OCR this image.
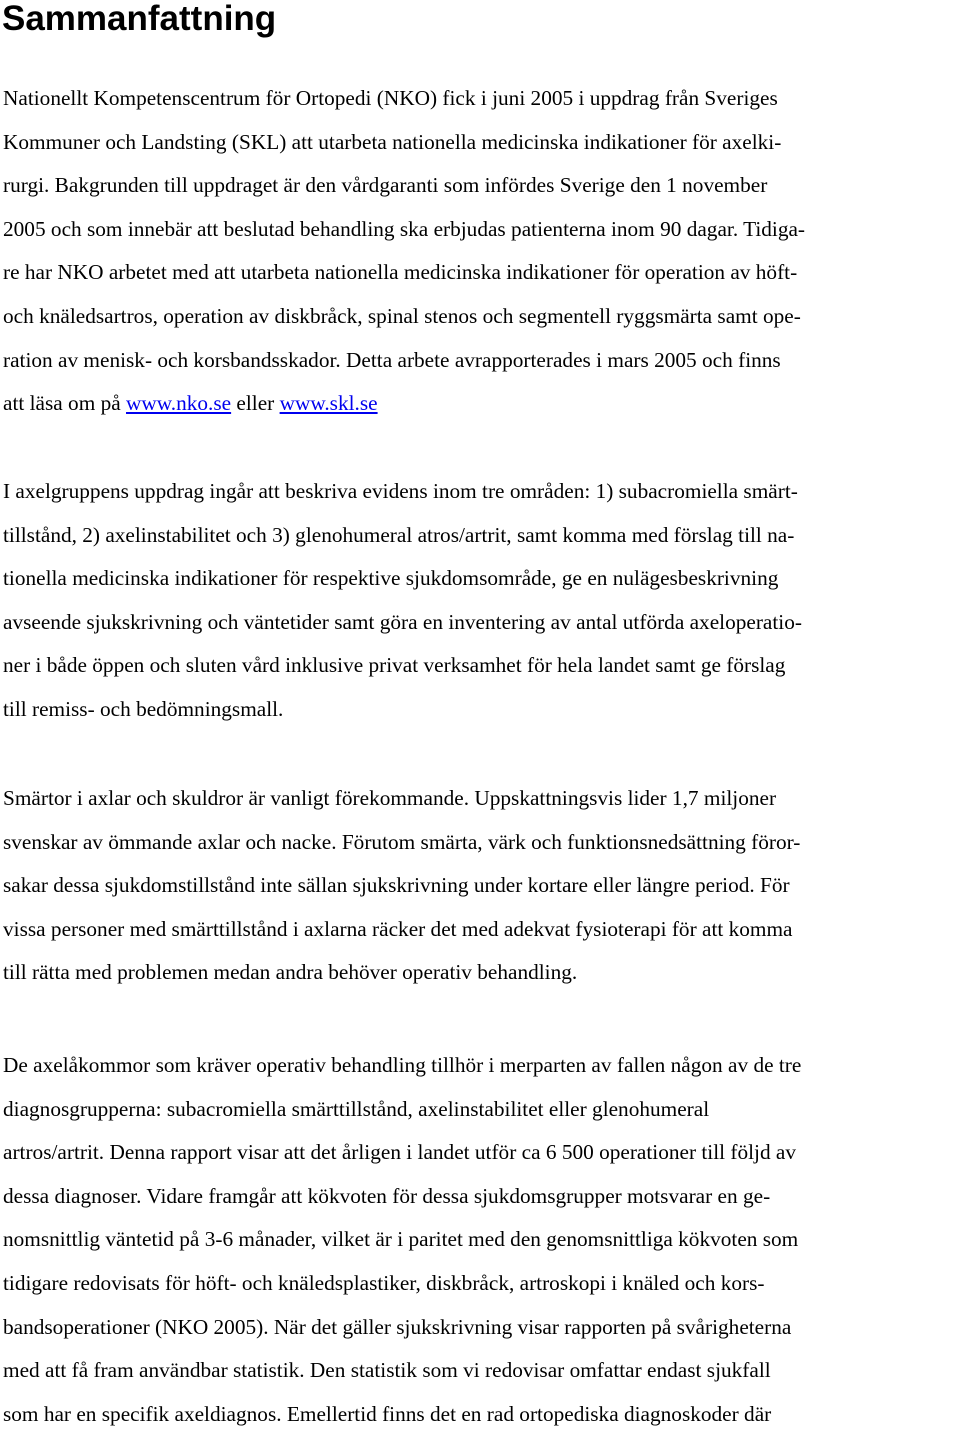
Sammanfattning
Nationellt Kompetenscentrum för Ortopedi (NKO) fick i juni 2005 i uppdrag från Sveriges
Kommuner och Landsting (SKL) att utarbeta nationella medicinska indikationer för axelki-
rurgi. Bakgrunden till uppdraget är den vårdgaranti som infördes Sverige den 1 november
2005 och som innebär att beslutad behandling ska erbjudas patienterna inom 90 dagar. Tidiga-
re har NKO arbetet med att utarbeta nationella medicinska indikationer för operation av höft-
och knäledsartros, operation av diskbråck, spinal stenos och segmentell ryggsmärta samt ope-
ration av menisk- och korsbandsskador. Detta arbete avrapporterades i mars 2005 och finns
att läsa om på www.nko.se eller www.skl.se
I axelgruppens uppdrag ingår att beskriva evidens inom tre områden: 1) subacromiella smärt-
tillstånd, 2) axelinstabilitet och 3) glenohumeral atros/artrit, samt komma med förslag till na-
tionella medicinska indikationer för respektive sjukdomsområde, ge en nulägesbeskrivning
avseende sjukskrivning och väntetider samt göra en inventering av antal utförda axeloperatio-
ner i både öppen och sluten vård inklusive privat verksamhet för hela landet samt ge förslag
till remiss- och bedömningsmall.
Smärtor i axlar och skuldror är vanligt förekommande. Uppskattningsvis lider 1,7 miljoner
svenskar av ömmande axlar och nacke. Förutom smärta, värk och funktionsnedsättning föror-
sakar dessa sjukdomstillstånd inte sällan sjukskrivning under kortare eller längre period. För
vissa personer med smärttillstånd i axlarna räcker det med adekvat fysioterapi för att komma
till rätta med problemen medan andra behöver operativ behandling.
De axelåkommor som kräver operativ behandling tillhör i merparten av fallen någon av de tre
diagnosgrupperna: subacromiella smärttillstånd, axelinstabilitet eller glenohumeral
artros/artrit. Denna rapport visar att det årligen i landet utför ca 6 500 operationer till följd av
dessa diagnoser. Vidare framgår att kökvoten för dessa sjukdomsgrupper motsvarar en ge-
nomsnittlig väntetid på 3-6 månader, vilket är i paritet med den genomsnittliga kökvoten som
tidigare redovisats för höft- och knäledsplastiker, diskbråck, artroskopi i knäled och kors-
bandsoperationer (NKO 2005). När det gäller sjukskrivning visar rapporten på svårigheterna
med att få fram användbar statistik. Den statistik som vi redovisar omfattar endast sjukfall
som har en specifik axeldiagnos. Emellertid finns det en rad ortopediska diagnoskoder där
